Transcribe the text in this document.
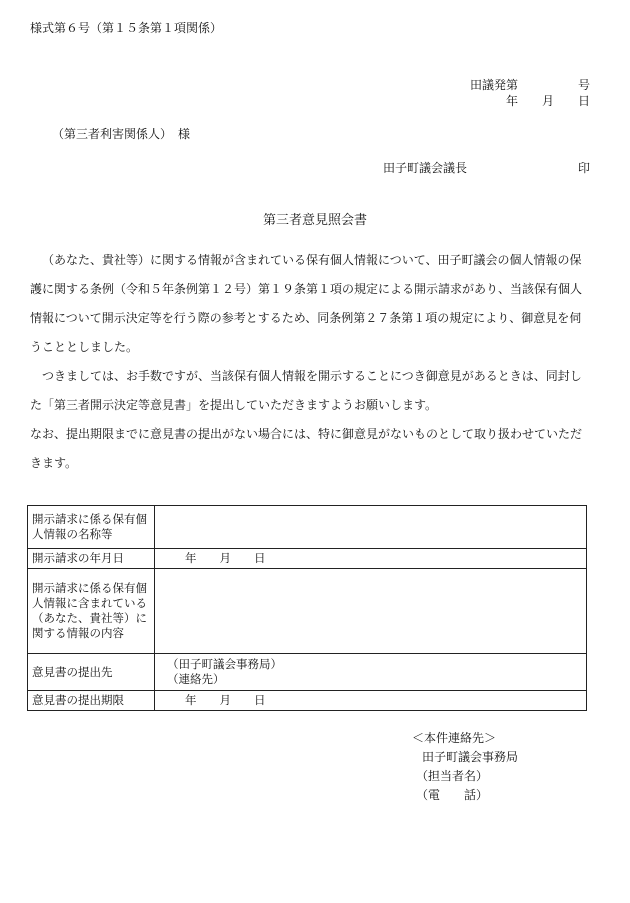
様式第６号（第１５条第１項関係）
田議発第　　　　　号
年　　月　　日
（第三者利害関係人）　様
田子町議会議長	印
第三者意見照会書

（あなた、貴社等）に関する情報が含まれている保有個人情報について、田子町議会の個人情報の保護に関する条例（令和５年条例第１２号）第１９条第１項の規定による開示請求があり、当該保有個人情報について開示決定等を行う際の参考とするため、同条例第２７条第１項の規定により、御意見を伺うこととしました。

つきましては、お手数ですが、当該保有個人情報を開示することにつき御意見があるときは、同封した「第三者開示決定等意見書」を提出していただきますようお願いします。

なお、提出期限までに意見書の提出がない場合には、特に御意見がないものとして取り扱わせていただきます。

開示請求に係る保有個人情報の名称等	
開示請求の年月日	年　　月　　日
開示請求に係る保有個人情報に含まれている（あなた、貴社等）に関する情報の内容	
意見書の提出先	（田子町議会事務局）
（連絡先）

意見書の提出期限	年　　月　　日
＜本件連絡先＞
田子町議会事務局
（担当者名）
（電　　話）
